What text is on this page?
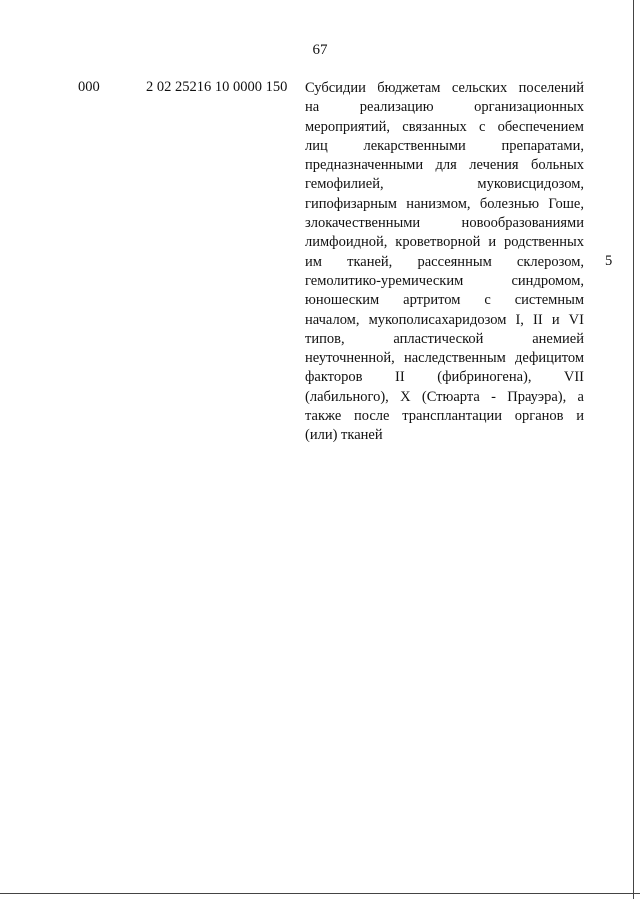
67
000	2 02 25216 10 0000 150 Субсидии бюджетам сельских поселений
на реализацию организационных
мероприятий, связанных с обеспечением
лиц лекарственными препаратами,
предназначенными для лечения больных
гемофилией, муковисцидозом,
гипофизарным нанизмом, болезнью Гоше,
злокачественными новообразованиями
лимфоидной, кроветворной и родственных
им тканей, рассеянным склерозом,
гемолитико-уремическим синдромом,
юношеским артритом с системным
началом, мукополисахаридозом I, II и VI
типов, апластической анемией
неуточненной, наследственным дефицитом
факторов II (фибриногена), VII
(лабильного), X (Стюарта - Прауэра), а
также после трансплантации органов и
(или) тканей
5
